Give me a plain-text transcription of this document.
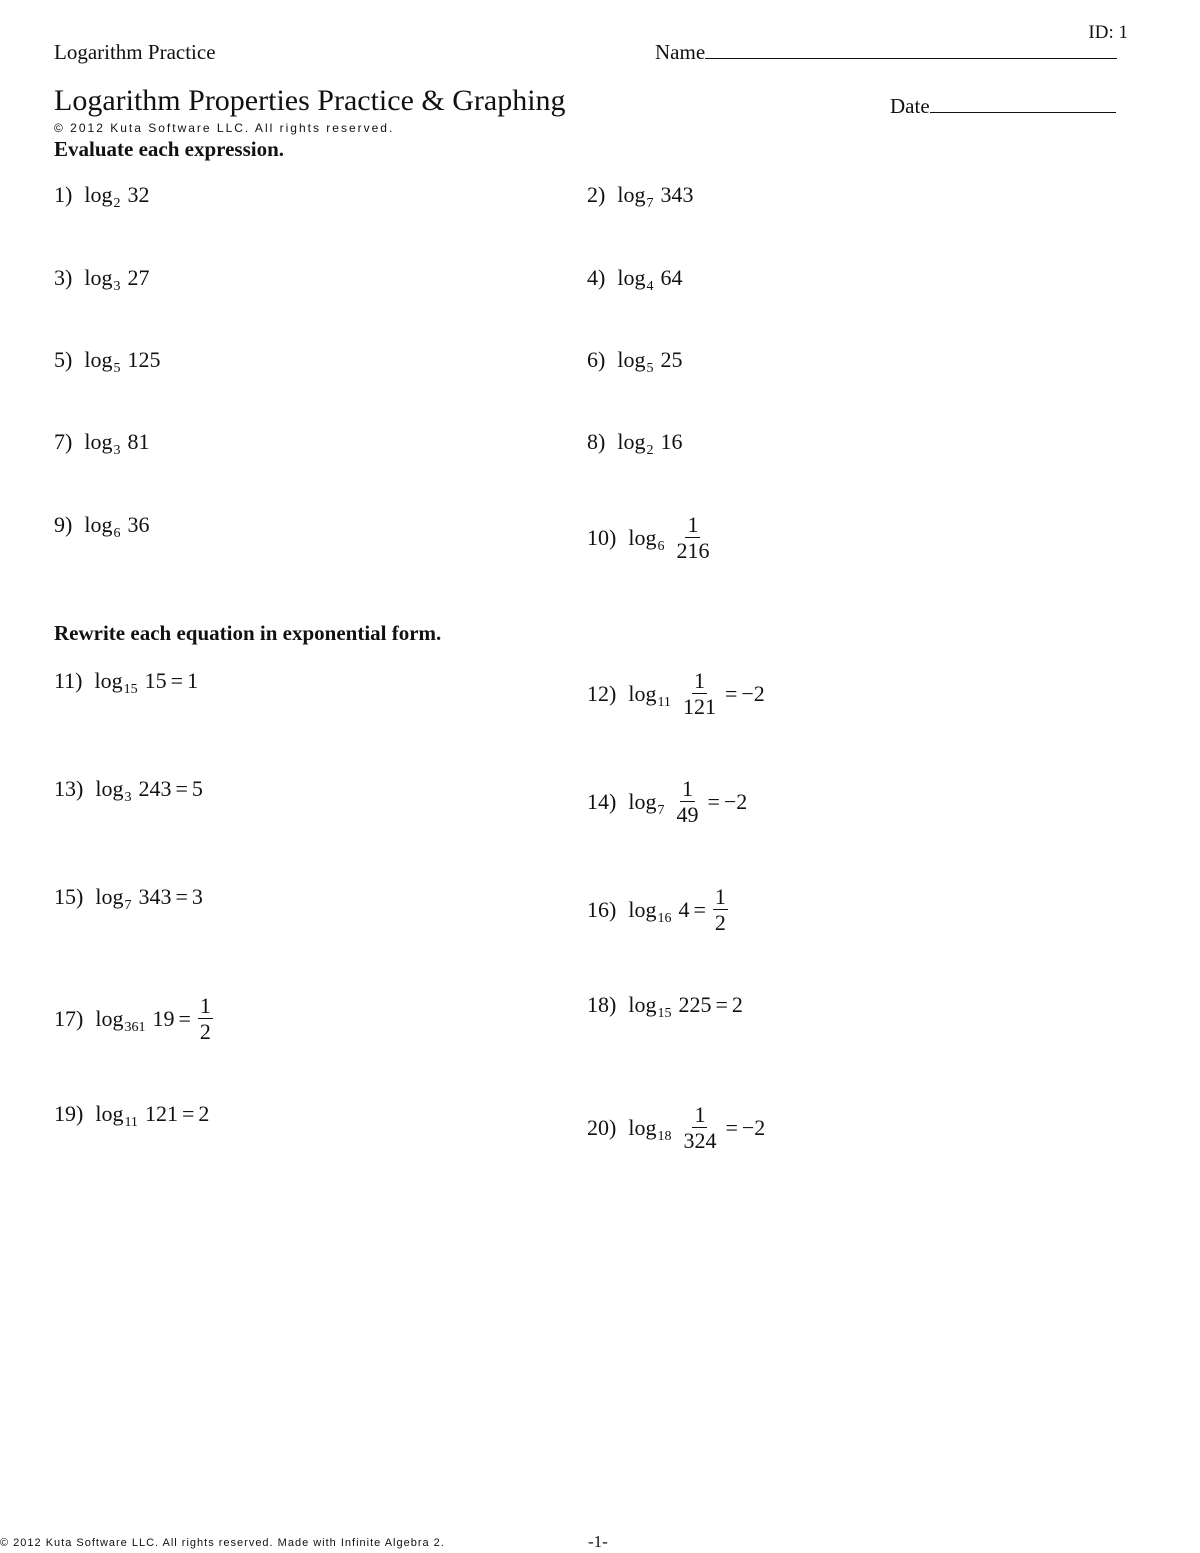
Logarithm Practice
ID: 1
Name
Logarithm Properties Practice & Graphing	Date
© 2012 Kuta Software LLC. All rights reserved.
Evaluate each expression.
1) $\log_2 32$	2) $\log_7 343$
3) $\log_3 27$	4) $\log_4 64$
5) $\log_5 125$	6) $\log_5 25$
7) $\log_3 81$	8) $\log_2 16$
9) $\log_6 36$
10) $\log_6 \frac{1}{216}$
Rewrite each equation in exponential form.
11) $\log_{15} 15 = 1$
12) $\log_{11} \frac{1}{121} = -2$
13) $\log_3 243 = 5$
14) $\log_7 \frac{1}{49} = -2$
15) $\log_7 343 = 3$
16) $\log_{16} 4 = \frac{1}{2}$
17) $\log_{361} 19 = \frac{1}{2}$	18) $\log_{15} 225 = 2$
19) $\log_{11} 121 = 2$
20) $\log_{18} \frac{1}{324} = -2$
© 2012 Kuta Software LLC. All rights reserved. Made with Infinite Algebra 2.	-1-
